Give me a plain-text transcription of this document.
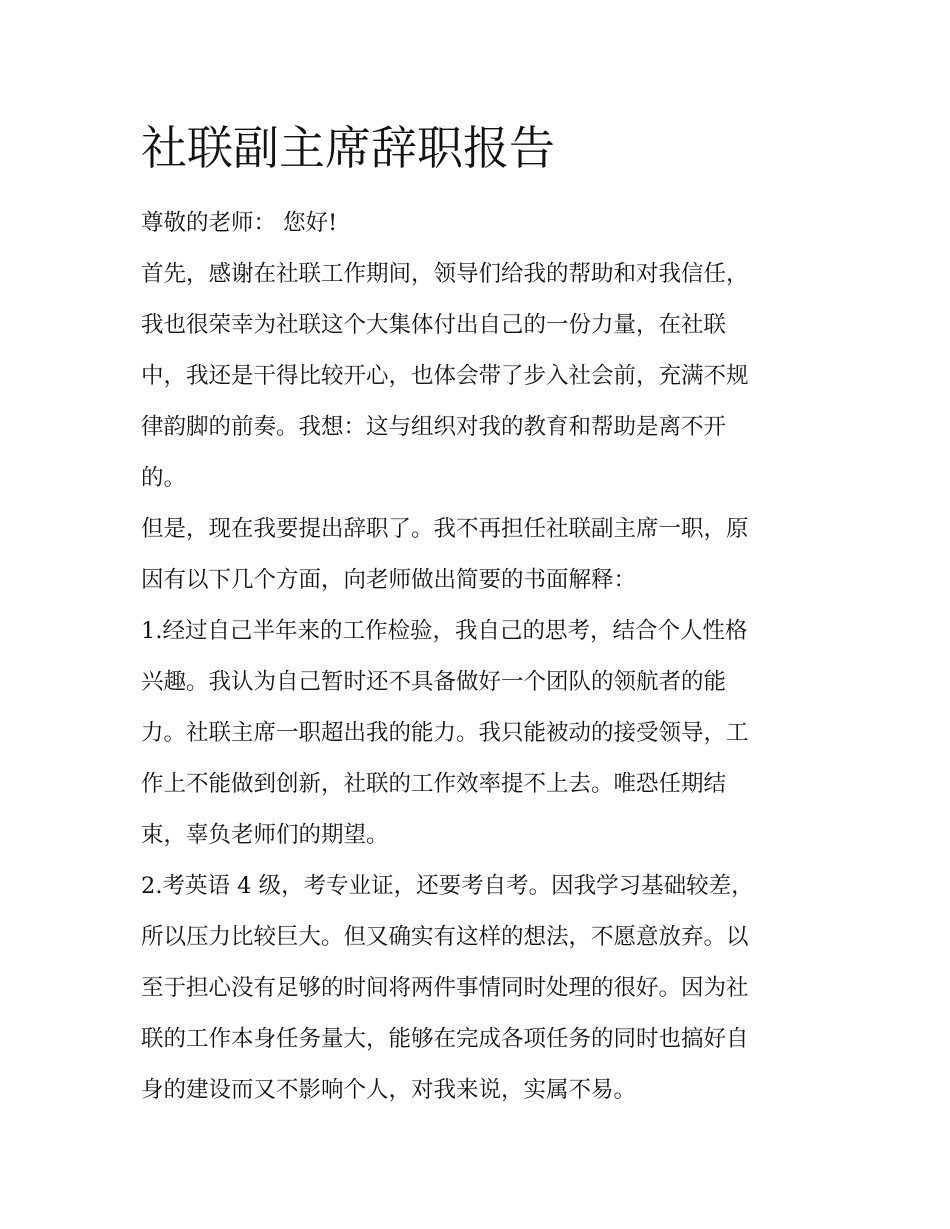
社联副主席辞职报告
尊敬的老师： 您好!
首先，感谢在社联工作期间，领导们给我的帮助和对我信任，
我也很荣幸为社联这个大集体付出自己的一份力量，在社联
中，我还是干得比较开心，也体会带了步入社会前，充满不规
律韵脚的前奏。我想：这与组织对我的教育和帮助是离不开
的。
但是，现在我要提出辞职了。我不再担任社联副主席一职，原
因有以下几个方面，向老师做出简要的书面解释：
1.经过自己半年来的工作检验，我自己的思考，结合个人性格
兴趣。我认为自己暂时还不具备做好一个团队的领航者的能
力。社联主席一职超出我的能力。我只能被动的接受领导，工
作上不能做到创新，社联的工作效率提不上去。唯恐任期结
束，辜负老师们的期望。
2.考英语 4 级，考专业证，还要考自考。因我学习基础较差，
所以压力比较巨大。但又确实有这样的想法，不愿意放弃。以
至于担心没有足够的时间将两件事情同时处理的很好。因为社
联的工作本身任务量大，能够在完成各项任务的同时也搞好自
身的建设而又不影响个人，对我来说，实属不易。
